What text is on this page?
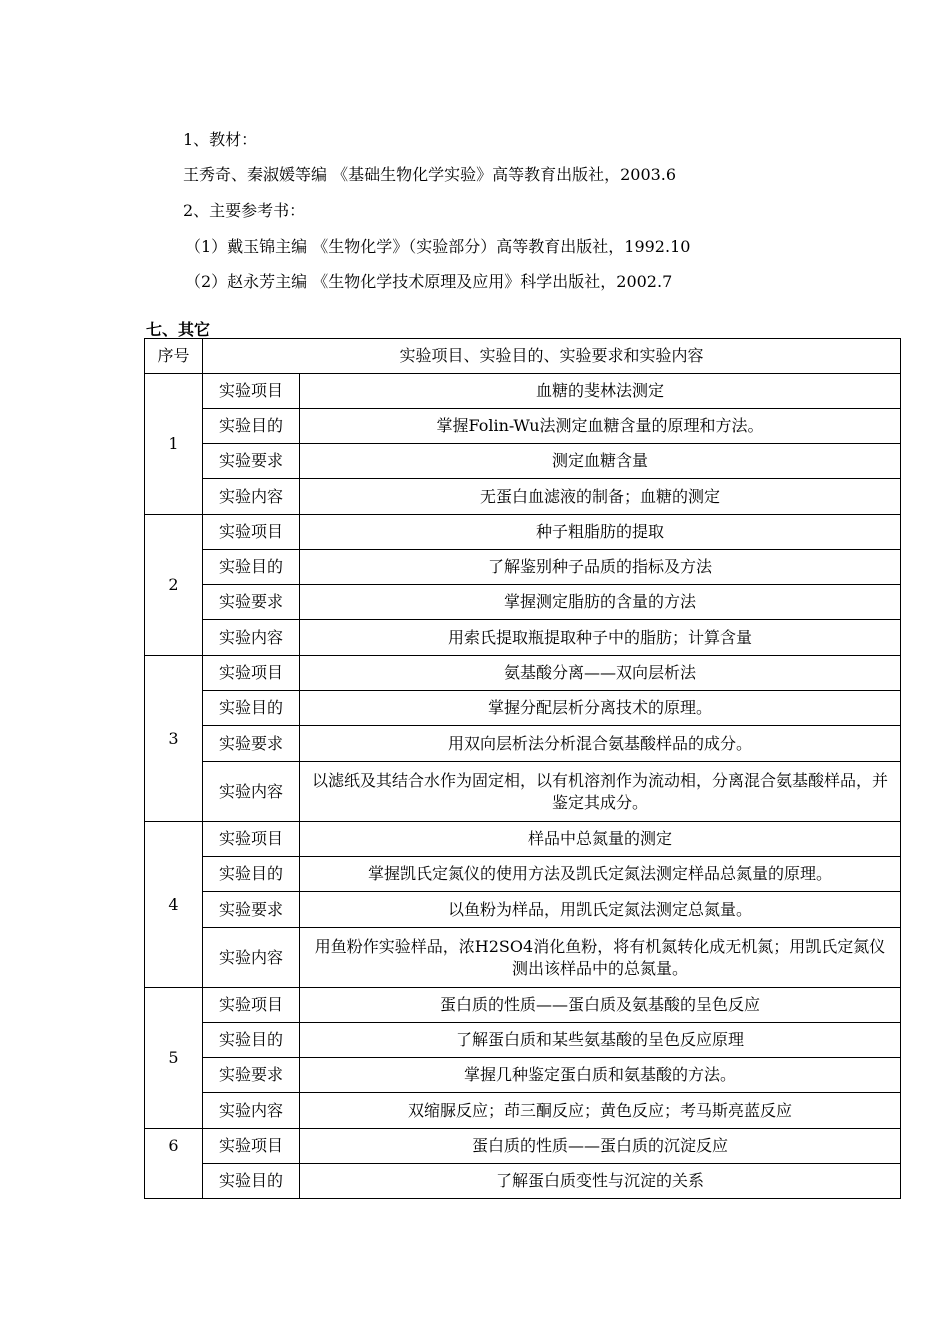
1、教材：
王秀奇、秦淑媛等编 《基础生物化学实验》高等教育出版社，2003.6
2、主要参考书：
（1）戴玉锦主编 《生物化学》（实验部分）高等教育出版社，1992.10
（2）赵永芳主编 《生物化学技术原理及应用》科学出版社，2002.7
七、其它
序号	实验项目、实验目的、实验要求和实验内容	
1	实验项目	血糖的斐林法测定
	实验目的	掌握Folin-Wu法测定血糖含量的原理和方法。
	实验要求	测定血糖含量
	实验内容	无蛋白血滤液的制备；血糖的测定
2	实验项目	种子粗脂肪的提取
	实验目的	了解鉴别种子品质的指标及方法
	实验要求	掌握测定脂肪的含量的方法
	实验内容	用索氏提取瓶提取种子中的脂肪；计算含量
3	实验项目	氨基酸分离——双向层析法
	实验目的	掌握分配层析分离技术的原理。
	实验要求	用双向层析法分析混合氨基酸样品的成分。
	实验内容	以滤纸及其结合水作为固定相，以有机溶剂作为流动相，分离混合氨基酸样品，并鉴定其成分。
4	实验项目	样品中总氮量的测定
	实验目的	掌握凯氏定氮仪的使用方法及凯氏定氮法测定样品总氮量的原理。
	实验要求	以鱼粉为样品，用凯氏定氮法测定总氮量。
	实验内容	用鱼粉作实验样品，浓H2SO4消化鱼粉，将有机氮转化成无机氮；用凯氏定氮仪测出该样品中的总氮量。
5	实验项目	蛋白质的性质——蛋白质及氨基酸的呈色反应
	实验目的	了解蛋白质和某些氨基酸的呈色反应原理
	实验要求	掌握几种鉴定蛋白质和氨基酸的方法。
	实验内容	双缩脲反应；茚三酮反应；黄色反应；考马斯亮蓝反应
6	实验项目	蛋白质的性质——蛋白质的沉淀反应
	实验目的	了解蛋白质变性与沉淀的关系
